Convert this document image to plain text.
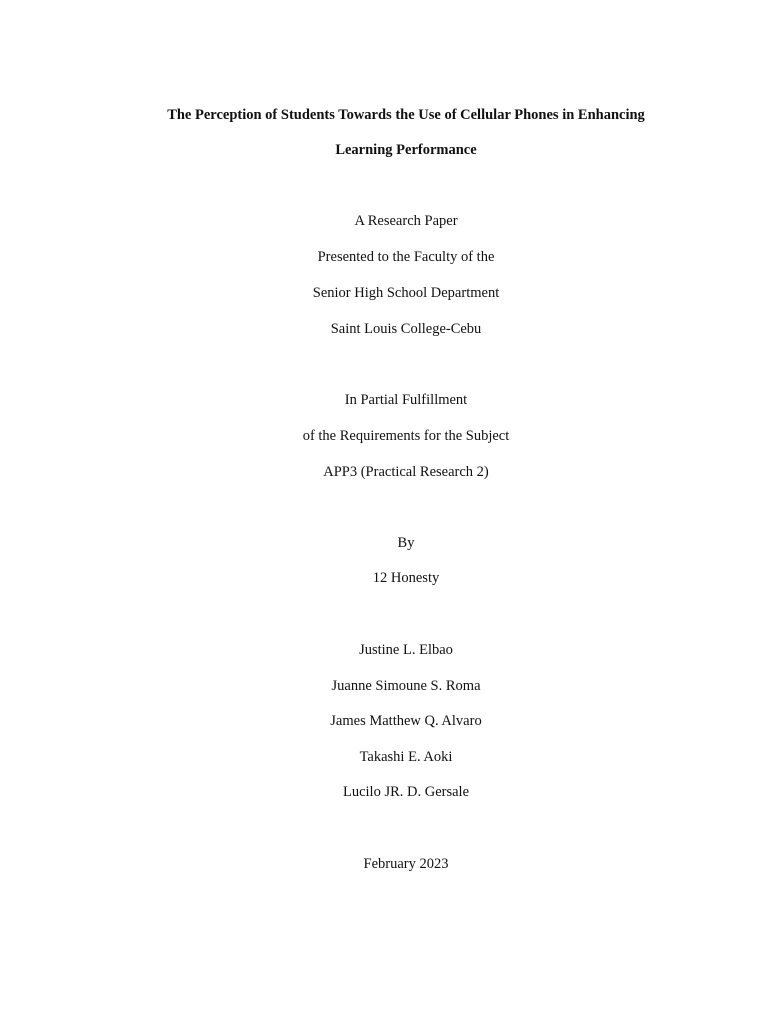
The Perception of Students Towards the Use of Cellular Phones in Enhancing

Learning Performance

A Research Paper

Presented to the Faculty of the

Senior High School Department

Saint Louis College-Cebu

In Partial Fulfillment

of the Requirements for the Subject

APP3 (Practical Research 2)

By

12 Honesty

Justine L. Elbao

Juanne Simoune S. Roma

James Matthew Q. Alvaro

Takashi E. Aoki

Lucilo JR. D. Gersale

February 2023
